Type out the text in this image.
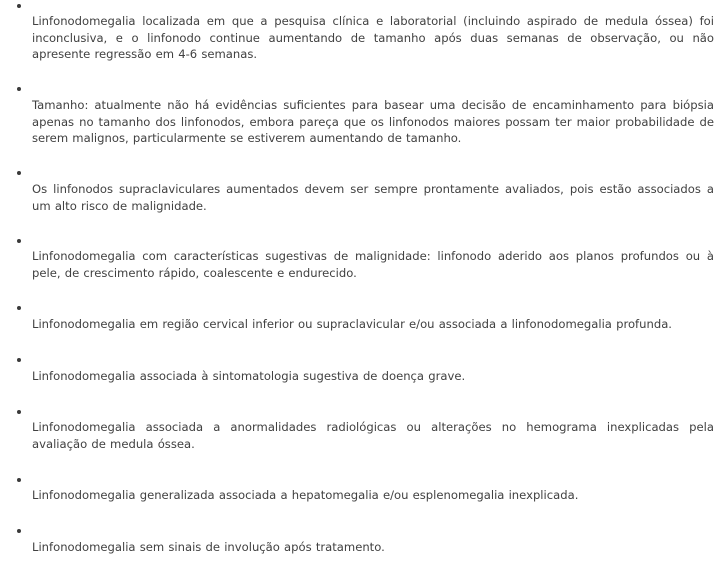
Linfonodomegalia localizada em que a pesquisa clínica e laboratorial (incluindo aspirado de medula óssea) foi inconclusiva, e o linfonodo continue aumentando de tamanho após duas semanas de observação, ou não apresente regressão em 4-6 semanas.
Tamanho: atualmente não há evidências suficientes para basear uma decisão de encaminhamento para biópsia apenas no tamanho dos linfonodos, embora pareça que os linfonodos maiores possam ter maior probabilidade de serem malignos, particularmente se estiverem aumentando de tamanho.
Os linfonodos supraclaviculares aumentados devem ser sempre prontamente avaliados, pois estão associados a um alto risco de malignidade.
Linfonodomegalia com características sugestivas de malignidade: linfonodo aderido aos planos profundos ou à pele, de crescimento rápido, coalescente e endurecido.
Linfonodomegalia em região cervical inferior ou supraclavicular e/ou associada a linfonodomegalia profunda.
Linfonodomegalia associada à sintomatologia sugestiva de doença grave.
Linfonodomegalia associada a anormalidades radiológicas ou alterações no hemograma inexplicadas pela avaliação de medula óssea.
Linfonodomegalia generalizada associada a hepatomegalia e/ou esplenomegalia inexplicada.
Linfonodomegalia sem sinais de involução após tratamento.
